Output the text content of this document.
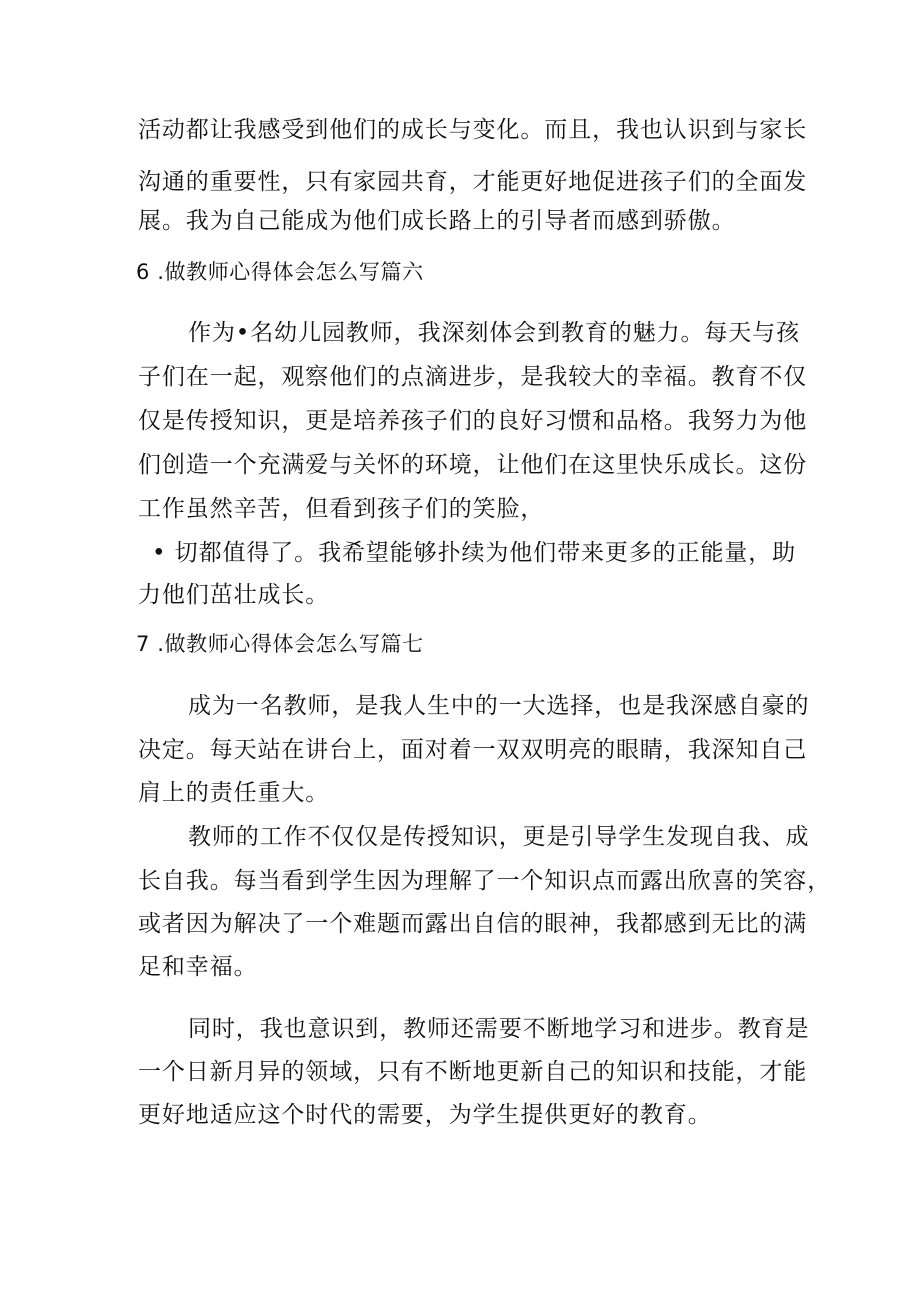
活动都让我感受到他们的成长与变化。而且，我也认识到与家长
沟通的重要性，只有家园共育，才能更好地促进孩子们的全面发
展。我为自己能成为他们成长路上的引导者而感到骄傲。
6 .做教师心得体会怎么写篇六
作为•名幼儿园教师，我深刻体会到教育的魅力。每天与孩
子们在一起，观察他们的点滴进步，是我较大的幸福。教育不仅
仅是传授知识，更是培养孩子们的良好习惯和品格。我努力为他
们创造一个充满爱与关怀的环境，让他们在这里快乐成长。这份
工作虽然辛苦，但看到孩子们的笑脸，
• 切都值得了。我希望能够扑续为他们带来更多的正能量，助
力他们茁壮成长。
7 .做教师心得体会怎么写篇七
成为一名教师，是我人生中的一大选择，也是我深感自豪的
决定。每天站在讲台上，面对着一双双明亮的眼睛，我深知自己
肩上的责任重大。
教师的工作不仅仅是传授知识，更是引导学生发现自我、成
长自我。每当看到学生因为理解了一个知识点而露出欣喜的笑容，
或者因为解决了一个难题而露出自信的眼神，我都感到无比的满
足和幸福。
同时，我也意识到，教师还需要不断地学习和进步。教育是
一个日新月异的领域，只有不断地更新自己的知识和技能，才能
更好地适应这个时代的需要，为学生提供更好的教育。
